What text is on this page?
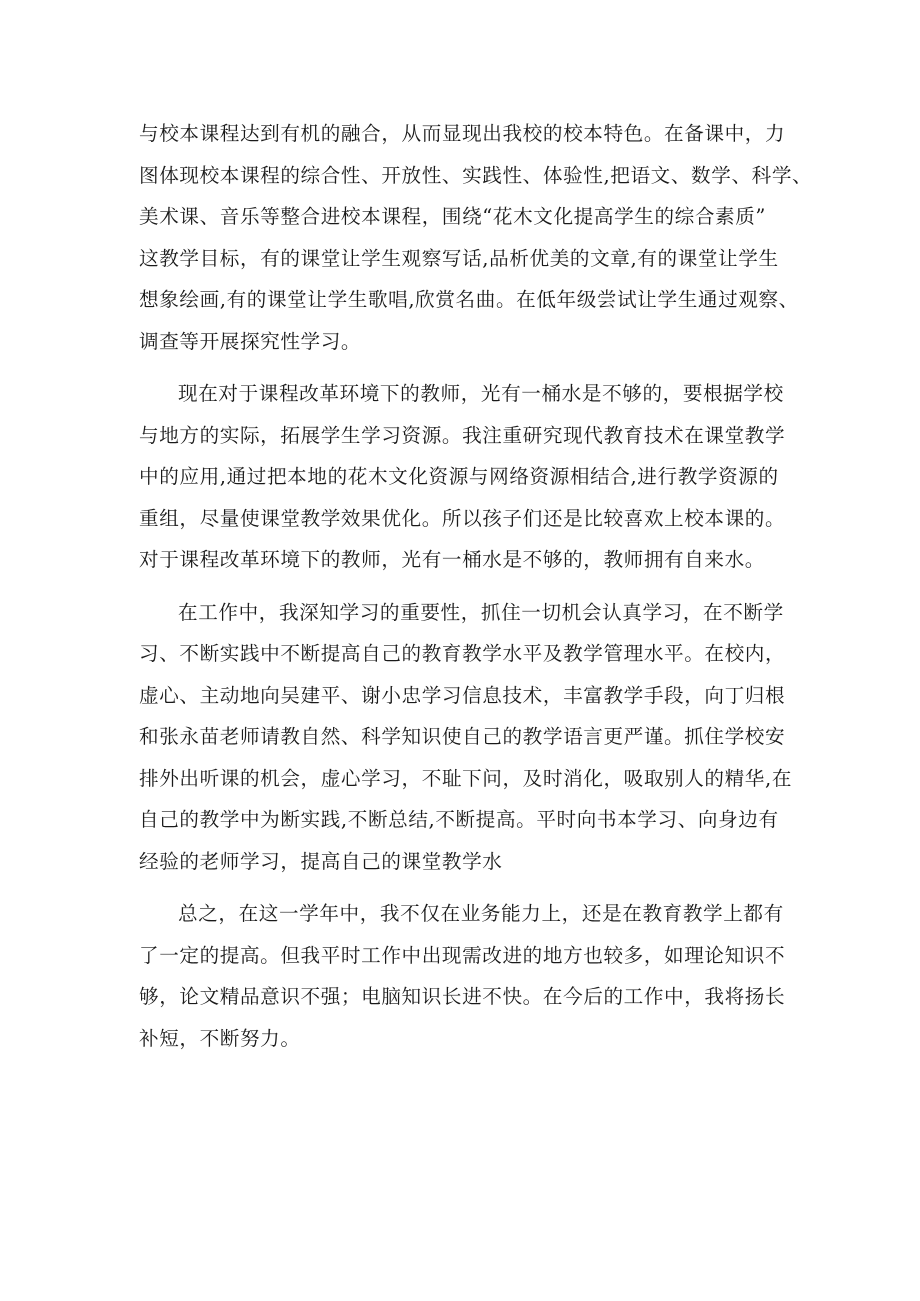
与校本课程达到有机的融合，从而显现出我校的校本特色。在备课中，力
图体现校本课程的综合性、开放性、实践性、体验性,把语文、数学、科学、
美术课、音乐等整合进校本课程，围绕“花木文化提高学生的综合素质”
这教学目标，有的课堂让学生观察写话,品析优美的文章,有的课堂让学生
想象绘画,有的课堂让学生歌唱,欣赏名曲。在低年级尝试让学生通过观察、
调查等开展探究性学习。
现在对于课程改革环境下的教师，光有一桶水是不够的，要根据学校
与地方的实际，拓展学生学习资源。我注重研究现代教育技术在课堂教学
中的应用,通过把本地的花木文化资源与网络资源相结合,进行教学资源的
重组，尽量使课堂教学效果优化。所以孩子们还是比较喜欢上校本课的。
对于课程改革环境下的教师，光有一桶水是不够的，教师拥有自来水。
在工作中，我深知学习的重要性，抓住一切机会认真学习，在不断学
习、不断实践中不断提高自己的教育教学水平及教学管理水平。在校内，
虚心、主动地向吴建平、谢小忠学习信息技术，丰富教学手段，向丁归根
和张永苗老师请教自然、科学知识使自己的教学语言更严谨。抓住学校安
排外出听课的机会，虚心学习，不耻下问，及时消化，吸取别人的精华,在
自己的教学中为断实践,不断总结,不断提高。平时向书本学习、向身边有
经验的老师学习，提高自己的课堂教学水
总之，在这一学年中，我不仅在业务能力上，还是在教育教学上都有
了一定的提高。但我平时工作中出现需改进的地方也较多，如理论知识不
够，论文精品意识不强；电脑知识长进不快。在今后的工作中，我将扬长
补短，不断努力。
